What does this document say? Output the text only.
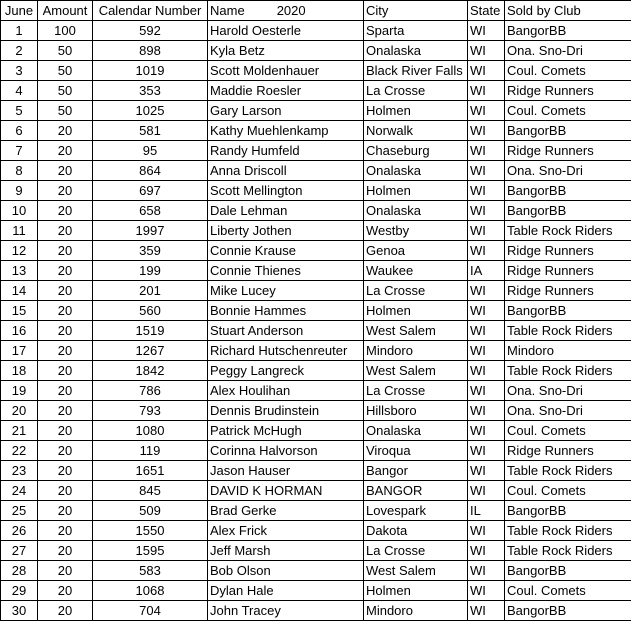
June	Amount	Calendar Number	Name 2020	City	State	Sold by Club
1	100	592	Harold Oesterle	Sparta	WI	BangorBB
2	50	898	Kyla Betz	Onalaska	WI	Ona. Sno-Dri
3	50	1019	Scott Moldenhauer	Black River Falls	WI	Coul. Comets
4	50	353	Maddie Roesler	La Crosse	WI	Ridge Runners
5	50	1025	Gary Larson	Holmen	WI	Coul. Comets
6	20	581	Kathy Muehlenkamp	Norwalk	WI	BangorBB
7	20	95	Randy Humfeld	Chaseburg	WI	Ridge Runners
8	20	864	Anna Driscoll	Onalaska	WI	Ona. Sno-Dri
9	20	697	Scott Mellington	Holmen	WI	BangorBB
10	20	658	Dale Lehman	Onalaska	WI	BangorBB
11	20	1997	Liberty Jothen	Westby	WI	Table Rock Riders
12	20	359	Connie Krause	Genoa	WI	Ridge Runners
13	20	199	Connie Thienes	Waukee	IA	Ridge Runners
14	20	201	Mike Lucey	La Crosse	WI	Ridge Runners
15	20	560	Bonnie Hammes	Holmen	WI	BangorBB
16	20	1519	Stuart Anderson	West Salem	WI	Table Rock Riders
17	20	1267	Richard Hutschenreuter	Mindoro	WI	Mindoro
18	20	1842	Peggy Langreck	West Salem	WI	Table Rock Riders
19	20	786	Alex Houlihan	La Crosse	WI	Ona. Sno-Dri
20	20	793	Dennis Brudinstein	Hillsboro	WI	Ona. Sno-Dri
21	20	1080	Patrick McHugh	Onalaska	WI	Coul. Comets
22	20	119	Corinna Halvorson	Viroqua	WI	Ridge Runners
23	20	1651	Jason Hauser	Bangor	WI	Table Rock Riders
24	20	845	DAVID K HORMAN	BANGOR	WI	Coul. Comets
25	20	509	Brad Gerke	Lovespark	IL	BangorBB
26	20	1550	Alex Frick	Dakota	WI	Table Rock Riders
27	20	1595	Jeff Marsh	La Crosse	WI	Table Rock Riders
28	20	583	Bob Olson	West Salem	WI	BangorBB
29	20	1068	Dylan Hale	Holmen	WI	Coul. Comets
30	20	704	John Tracey	Mindoro	WI	BangorBB
